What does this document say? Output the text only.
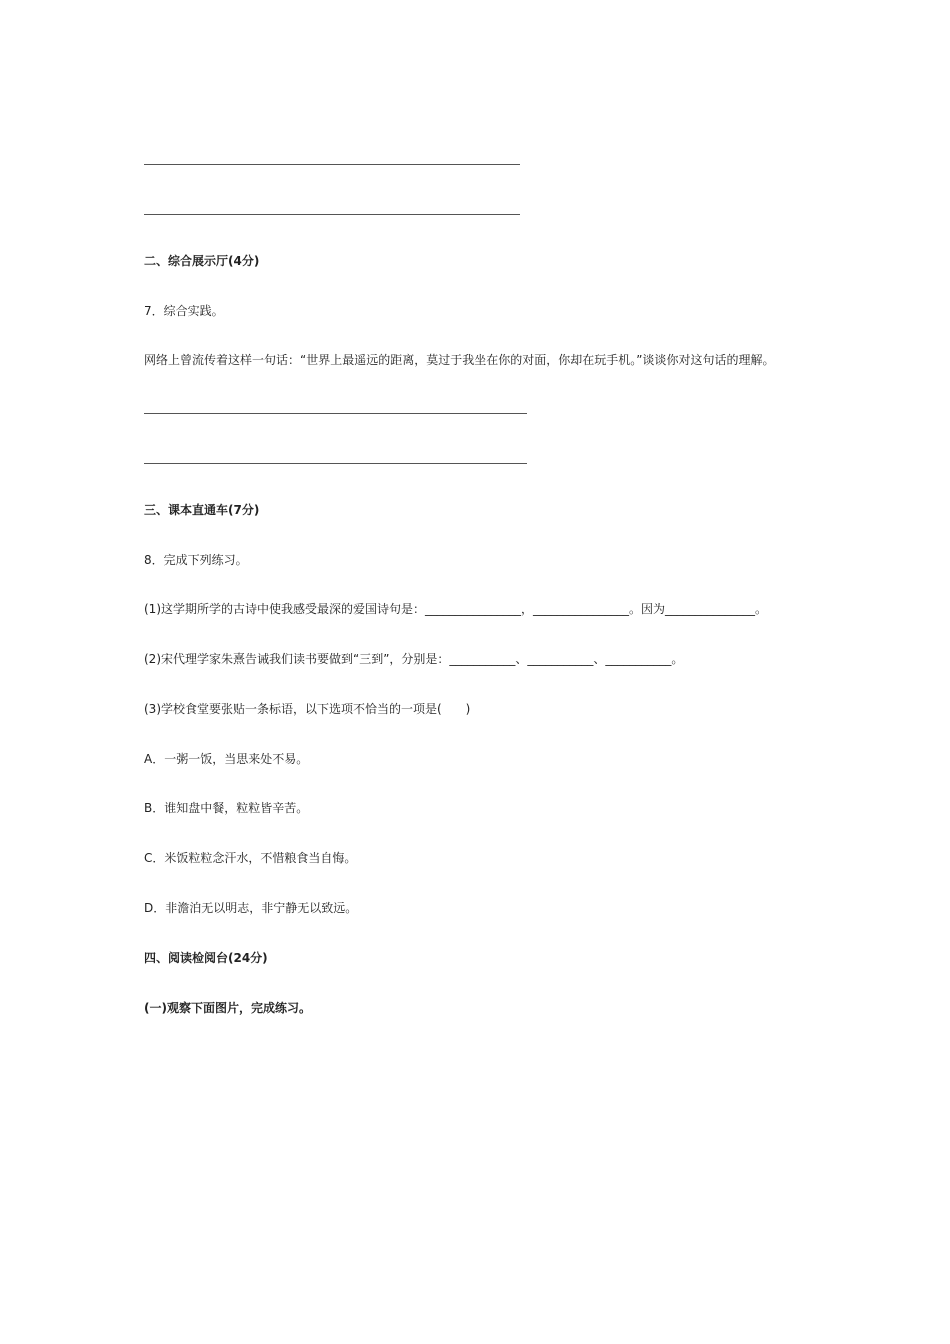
二、综合展示厅(4分)
7．综合实践。
网络上曾流传着这样一句话：“世界上最遥远的距离，莫过于我坐在你的对面，你却在玩手机。”谈谈你对这句话的理解。
三、课本直通车(7分)
8．完成下列练习。
(1)这学期所学的古诗中使我感受最深的爱国诗句是：________________，________________。因为_______________。
(2)宋代理学家朱熹告诫我们读书要做到“三到”，分别是：___________、___________、___________。
(3)学校食堂要张贴一条标语，以下选项不恰当的一项是(　　)
A．一粥一饭，当思来处不易。
B．谁知盘中餐，粒粒皆辛苦。
C．米饭粒粒念汗水，不惜粮食当自悔。
D．非澹泊无以明志，非宁静无以致远。
四、阅读检阅台(24分)
(一)观察下面图片，完成练习。
